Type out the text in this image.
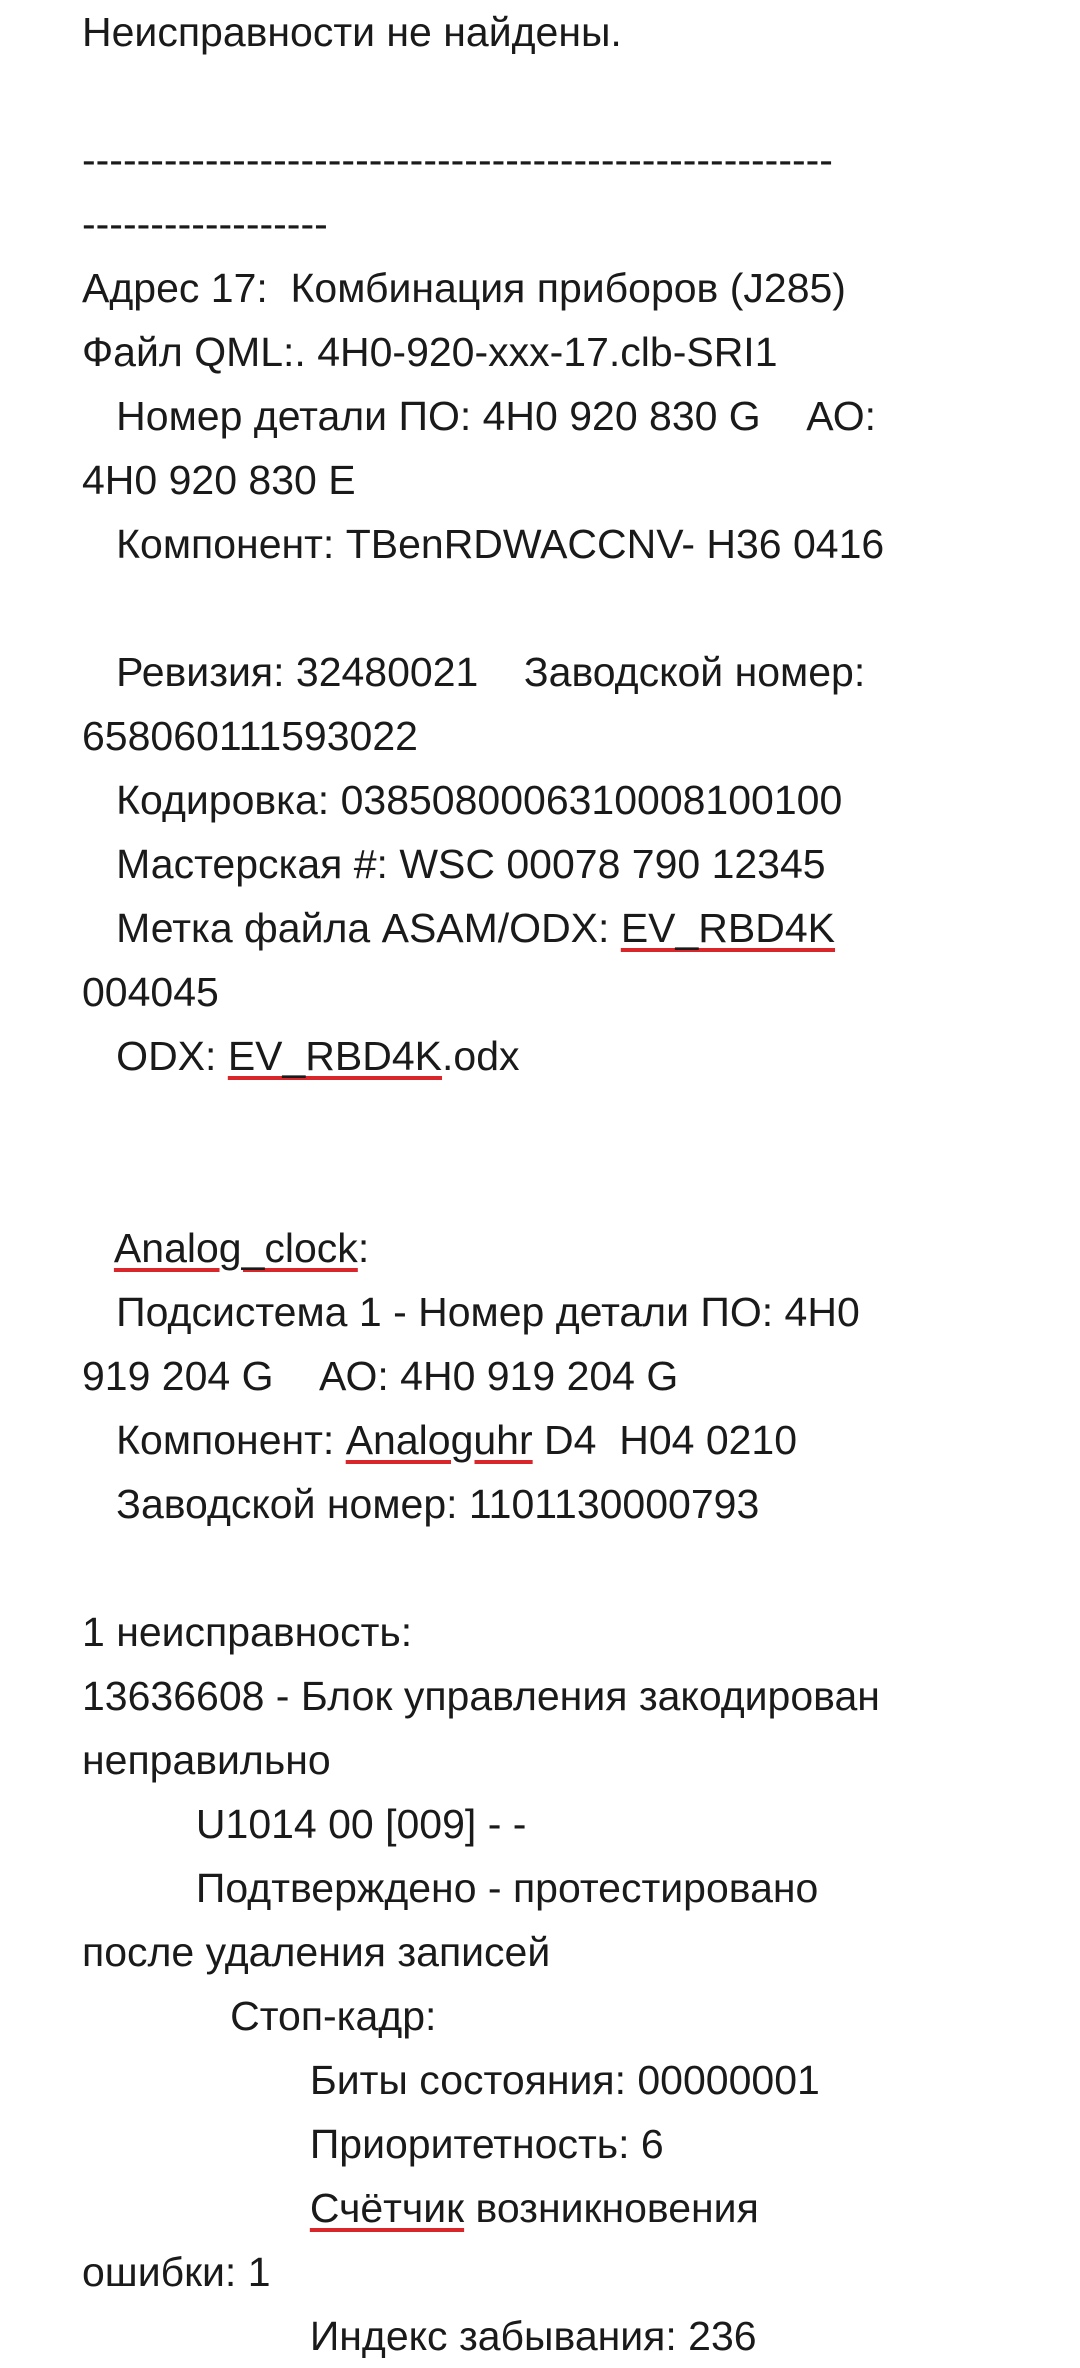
Неисправности не найдены.
-------------------------------------------------------
------------------
Адрес 17:  Комбинация приборов (J285)
Файл QML:. 4H0-920-xxx-17.clb-SRI1
Номер детали ПО: 4H0 920 830 G    АО:
4H0 920 830 E
Компонент: TBenRDWACCNV- H36 0416
Ревизия: 32480021    Заводской номер:
658060111593022
Кодировка: 0385080006310008100100
Мастерская #: WSC 00078 790 12345
Метка файла ASAM/ODX: EV_RBD4K
004045
ODX: EV_RBD4K.odx
Analog_clock:
Подсистема 1 - Номер детали ПО: 4H0
919 204 G    АО: 4H0 919 204 G
Компонент: Analoguhr D4  H04 0210
Заводской номер: 1101130000793
1 неисправность:
13636608 - Блок управления закодирован
неправильно
U1014 00 [009] - -
Подтверждено - протестировано
после удаления записей
Стоп-кадр:
Биты состояния: 00000001
Приоритетность: 6
Счётчик возникновения
ошибки: 1
Индекс забывания: 236
